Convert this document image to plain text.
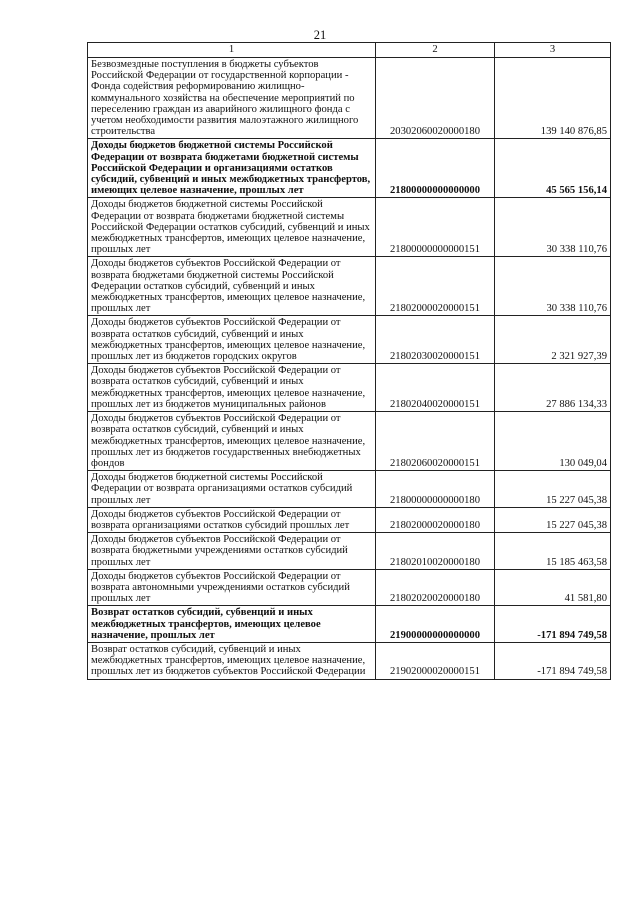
21
1	2	3
Безвозмездные поступления в бюджеты субъектов Российской Федерации от государственной корпорации - Фонда содействия реформированию жилищно-коммунального хозяйства на обеспечение мероприятий по переселению граждан из аварийного жилищного фонда с учетом необходимости развития малоэтажного жилищного строительства	20302060020000180	139 140 876,85
Доходы бюджетов бюджетной системы Российской Федерации от возврата бюджетами бюджетной системы Российской Федерации и организациями остатков субсидий, субвенций и иных межбюджетных трансфертов, имеющих целевое назначение, прошлых лет	21800000000000000	45 565 156,14
Доходы бюджетов бюджетной системы Российской Федерации от возврата бюджетами бюджетной системы Российской Федерации остатков субсидий, субвенций и иных межбюджетных трансфертов, имеющих целевое назначение, прошлых лет	21800000000000151	30 338 110,76
Доходы бюджетов субъектов Российской Федерации от возврата бюджетами бюджетной системы Российской Федерации остатков субсидий, субвенций и иных межбюджетных трансфертов, имеющих целевое назначение, прошлых лет	21802000020000151	30 338 110,76
Доходы бюджетов субъектов Российской Федерации от возврата остатков субсидий, субвенций и иных межбюджетных трансфертов, имеющих целевое назначение, прошлых лет из бюджетов городских округов	21802030020000151	2 321 927,39
Доходы бюджетов субъектов Российской Федерации от возврата остатков субсидий, субвенций и иных межбюджетных трансфертов, имеющих целевое назначение, прошлых лет из бюджетов муниципальных районов	21802040020000151	27 886 134,33
Доходы бюджетов субъектов Российской Федерации от возврата остатков субсидий, субвенций и иных межбюджетных трансфертов, имеющих целевое назначение, прошлых лет из бюджетов государственных внебюджетных фондов	21802060020000151	130 049,04
Доходы бюджетов бюджетной системы Российской Федерации от возврата организациями остатков субсидий прошлых лет	21800000000000180	15 227 045,38
Доходы бюджетов субъектов Российской Федерации от возврата организациями остатков субсидий прошлых лет	21802000020000180	15 227 045,38
Доходы бюджетов субъектов Российской Федерации от возврата бюджетными учреждениями остатков субсидий прошлых лет	21802010020000180	15 185 463,58
Доходы бюджетов субъектов Российской Федерации от возврата автономными учреждениями остатков субсидий прошлых лет	21802020020000180	41 581,80
Возврат остатков субсидий, субвенций и иных межбюджетных трансфертов, имеющих целевое назначение, прошлых лет	21900000000000000	-171 894 749,58
Возврат остатков субсидий, субвенций и иных межбюджетных трансфертов, имеющих целевое назначение, прошлых лет из бюджетов субъектов Российской Федерации	21902000020000151	-171 894 749,58
